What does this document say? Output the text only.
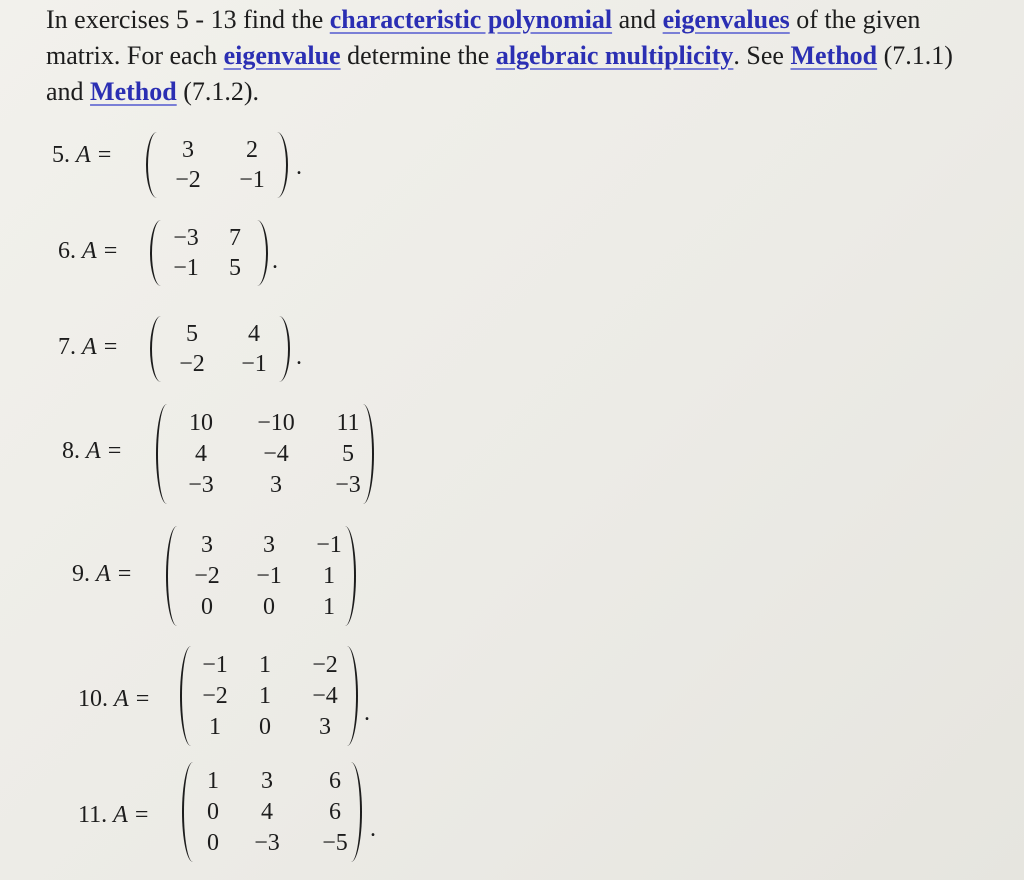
In exercises 5 - 13 find the characteristic polynomial and eigenvalues of the given
matrix. For each eigenvalue determine the algebraic multiplicity. See Method (7.1.1)
and Method (7.1.2).
5. A =	3	2
−2	−1	.
6. A =	−3	7
−1	5	.
7. A =	5	4
−2	−1	.
8. A =
10	−10	11
4	−4	5
−3	3	−3
9. A =
3	3	−1
−2	−1	1
0	0	1
10. A =
−1	1	−2
−2	1	−4
1	0	3
.
11. A =
1	3	6
0	4	6
0	−3	−5
.
